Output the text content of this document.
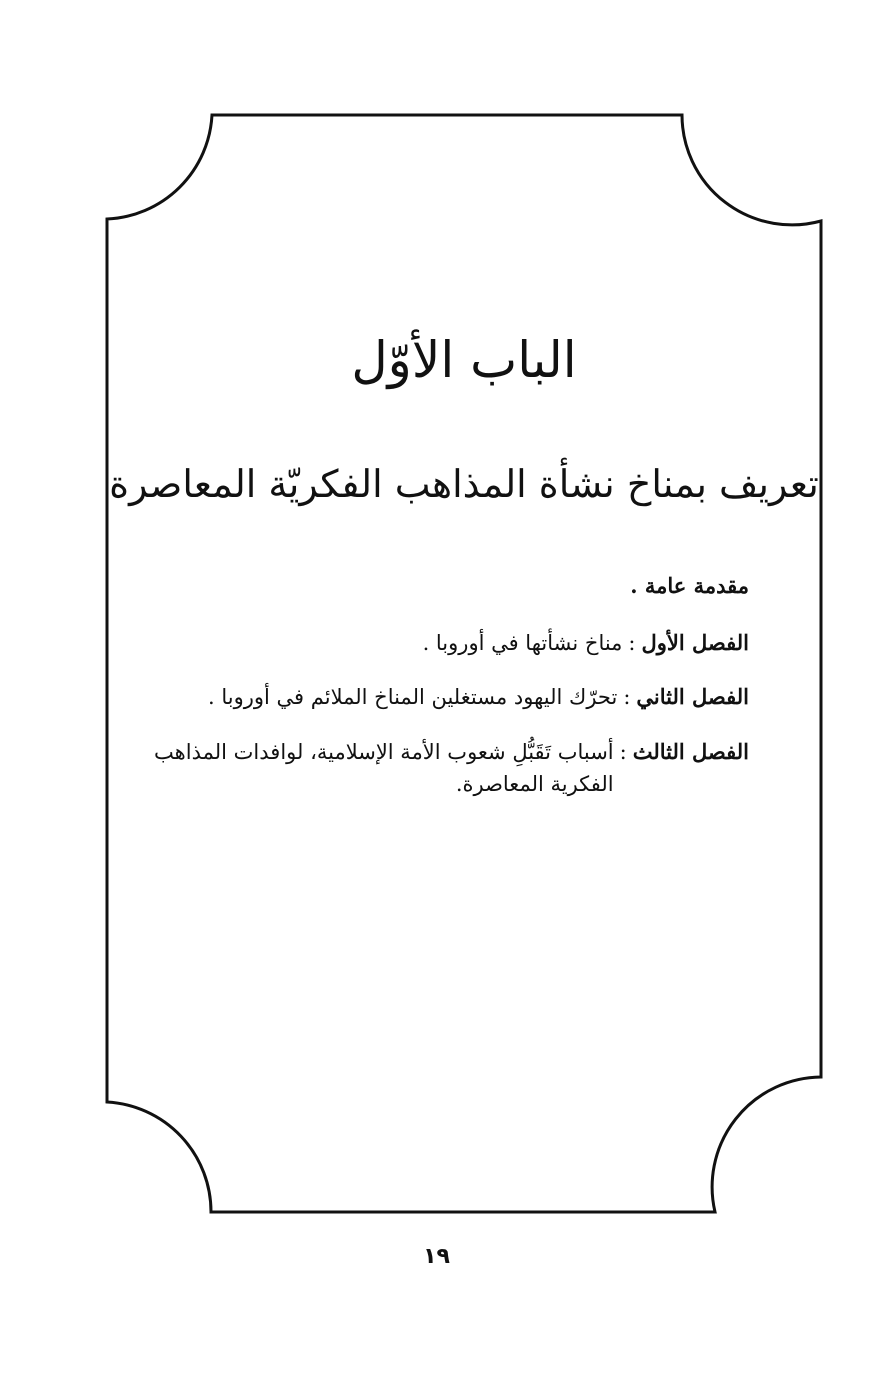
الباب الأوّل
تعريف بمناخ نشأة المذاهب الفكريّة المعاصرة

مقدمة عامة .

الفصل الأول
:
مناخ نشأتها في أوروبا .
الفصل الثاني
:
تحرّك اليهود مستغلين المناخ الملائم في أوروبا .
الفصل الثالث
:
أسباب تَقَبُّلِ شعوب الأمة الإسلامية، لوافدات المذاهب الفكرية المعاصرة.
١٩
